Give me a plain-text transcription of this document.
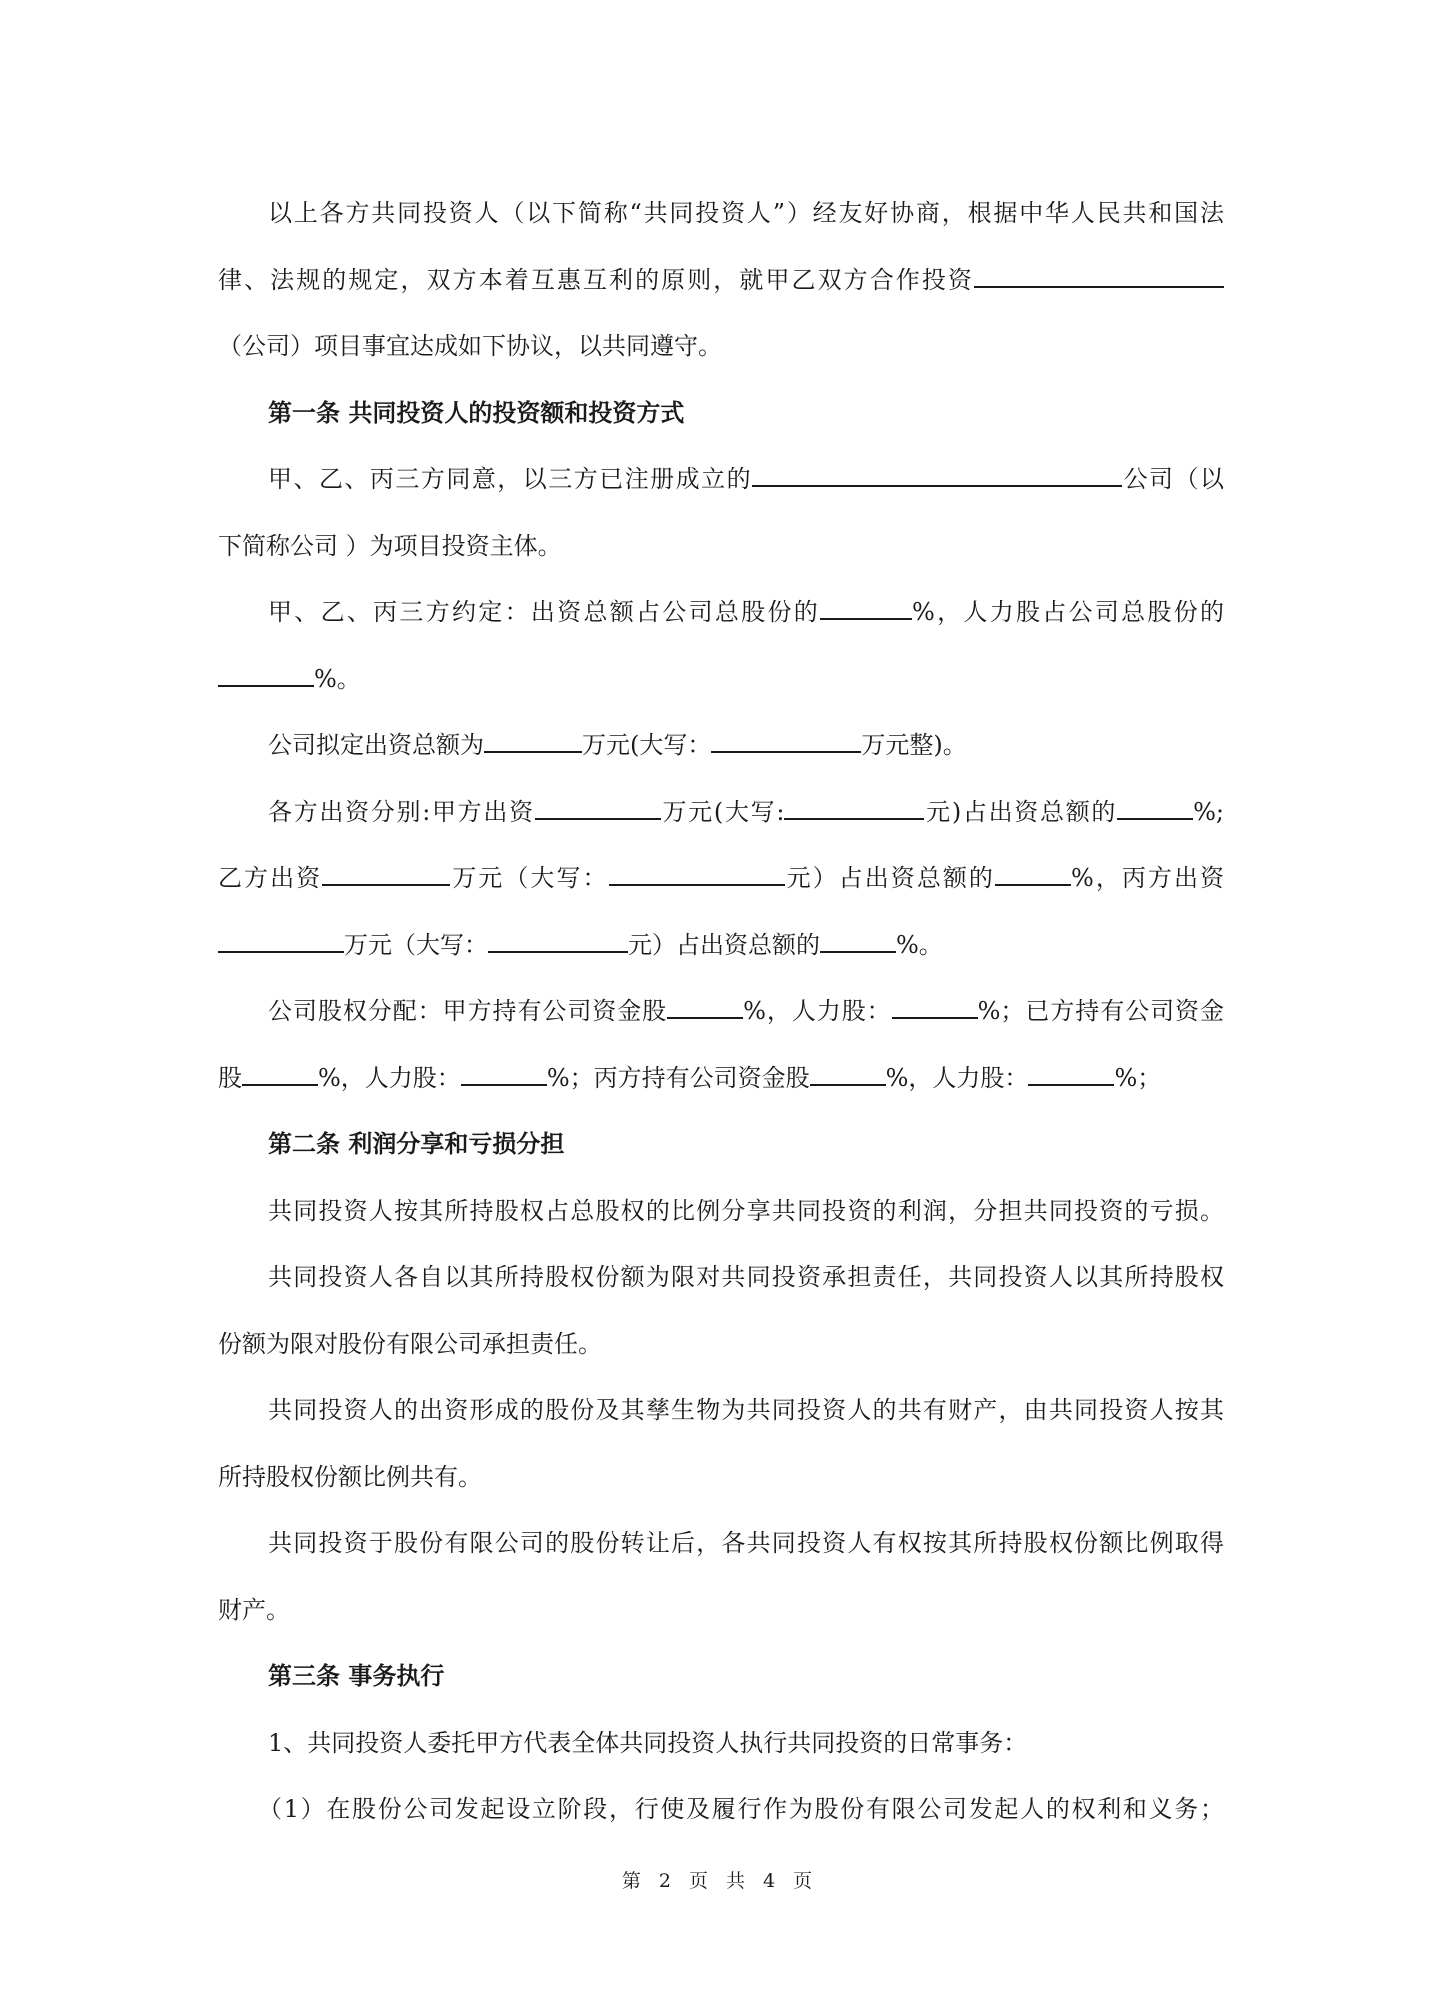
以上各方共同投资人（以下简称“共同投资人”）经友好协商，根据中华人民共和国法
律、法规的规定，双方本着互惠互利的原则，就甲乙双方合作投资
（公司）项目事宜达成如下协议，以共同遵守。
第一条 共同投资人的投资额和投资方式
甲、乙、丙三方同意，以三方已注册成立的	公司（以
下简称公司 ）为项目投资主体。
甲、乙、丙三方约定：出资总额占公司总股份的	%，人力股占公司总股份的
%。
公司拟定出资总额为	万元(大写：	万元整)。
各方出资分别:甲方出资	万元(大写:	元)占出资总额的	%;
乙方出资	万元（大写：	元）占出资总额的	%，丙方出资
万元（大写：	元）占出资总额的	%。
公司股权分配：甲方持有公司资金股	%，人力股：	%；已方持有公司资金
股	%，人力股：	%；丙方持有公司资金股	%，人力股：	%；
第二条 利润分享和亏损分担
共同投资人按其所持股权占总股权的比例分享共同投资的利润，分担共同投资的亏损。
共同投资人各自以其所持股权份额为限对共同投资承担责任，共同投资人以其所持股权
份额为限对股份有限公司承担责任。
共同投资人的出资形成的股份及其孳生物为共同投资人的共有财产，由共同投资人按其
所持股权份额比例共有。
共同投资于股份有限公司的股份转让后，各共同投资人有权按其所持股权份额比例取得
财产。
第三条 事务执行
1、共同投资人委托甲方代表全体共同投资人执行共同投资的日常事务：
（1）在股份公司发起设立阶段，行使及履行作为股份有限公司发起人的权利和义务；
第 2 页 共 4 页
